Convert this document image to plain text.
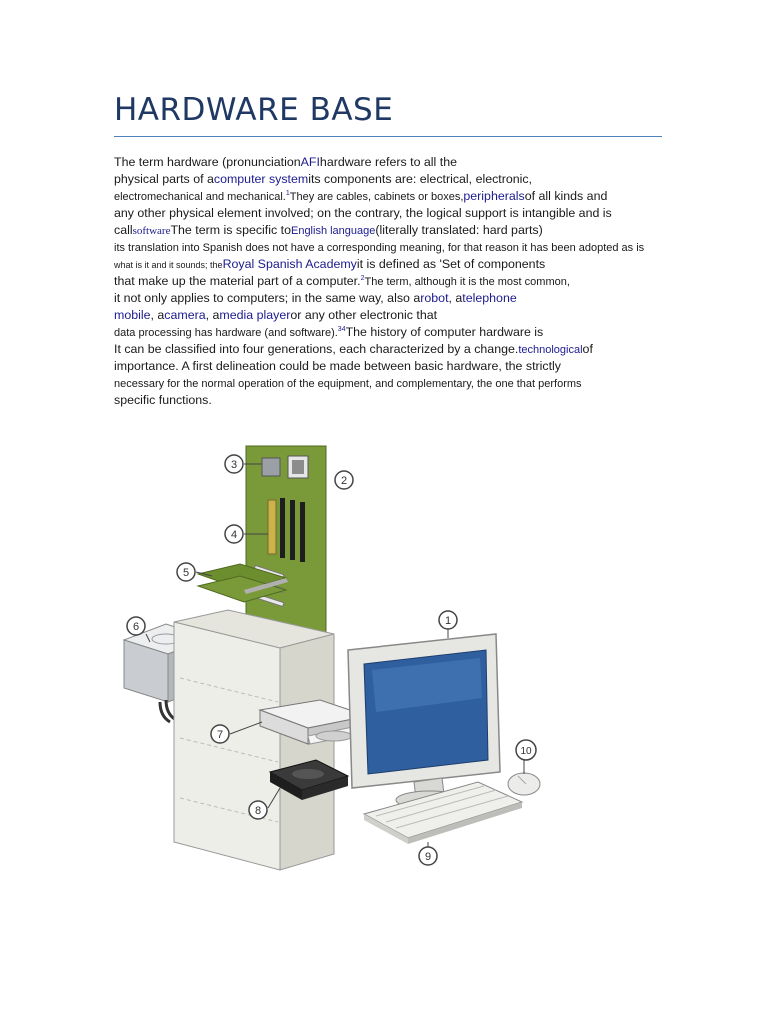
HARDWARE BASE
The term hardware (pronunciationAFIhardware refers to all the
physical parts of acomputer systemits components are: electrical, electronic,
electromechanical and mechanical.$^1$They are cables, cabinets or boxes,peripheralsof all kinds and
any other physical element involved; on the contrary, the logical support is intangible and is
callsoftwareThe term is specific toEnglish language(literally translated: hard parts)
its translation into Spanish does not have a corresponding meaning, for that reason it has been adopted as is
what is it and it sounds; theRoyal Spanish Academyit is defined as 'Set of components
that make up the material part of a computer.$^2$The term, although it is the most common,
it not only applies to computers; in the same way, also arobot, atelephone
mobile, acamera, amedia playeror any other electronic that
data processing has hardware (and software).$^{34}$The history of computer hardware is
It can be classified into four generations, each characterized by a change.technologicalof
importance. A first delineation could be made between basic hardware, the strictly
necessary for the normal operation of the equipment, and complementary, the one that performs
specific functions.
1
2
3
4
5
6
7
8
9
10
